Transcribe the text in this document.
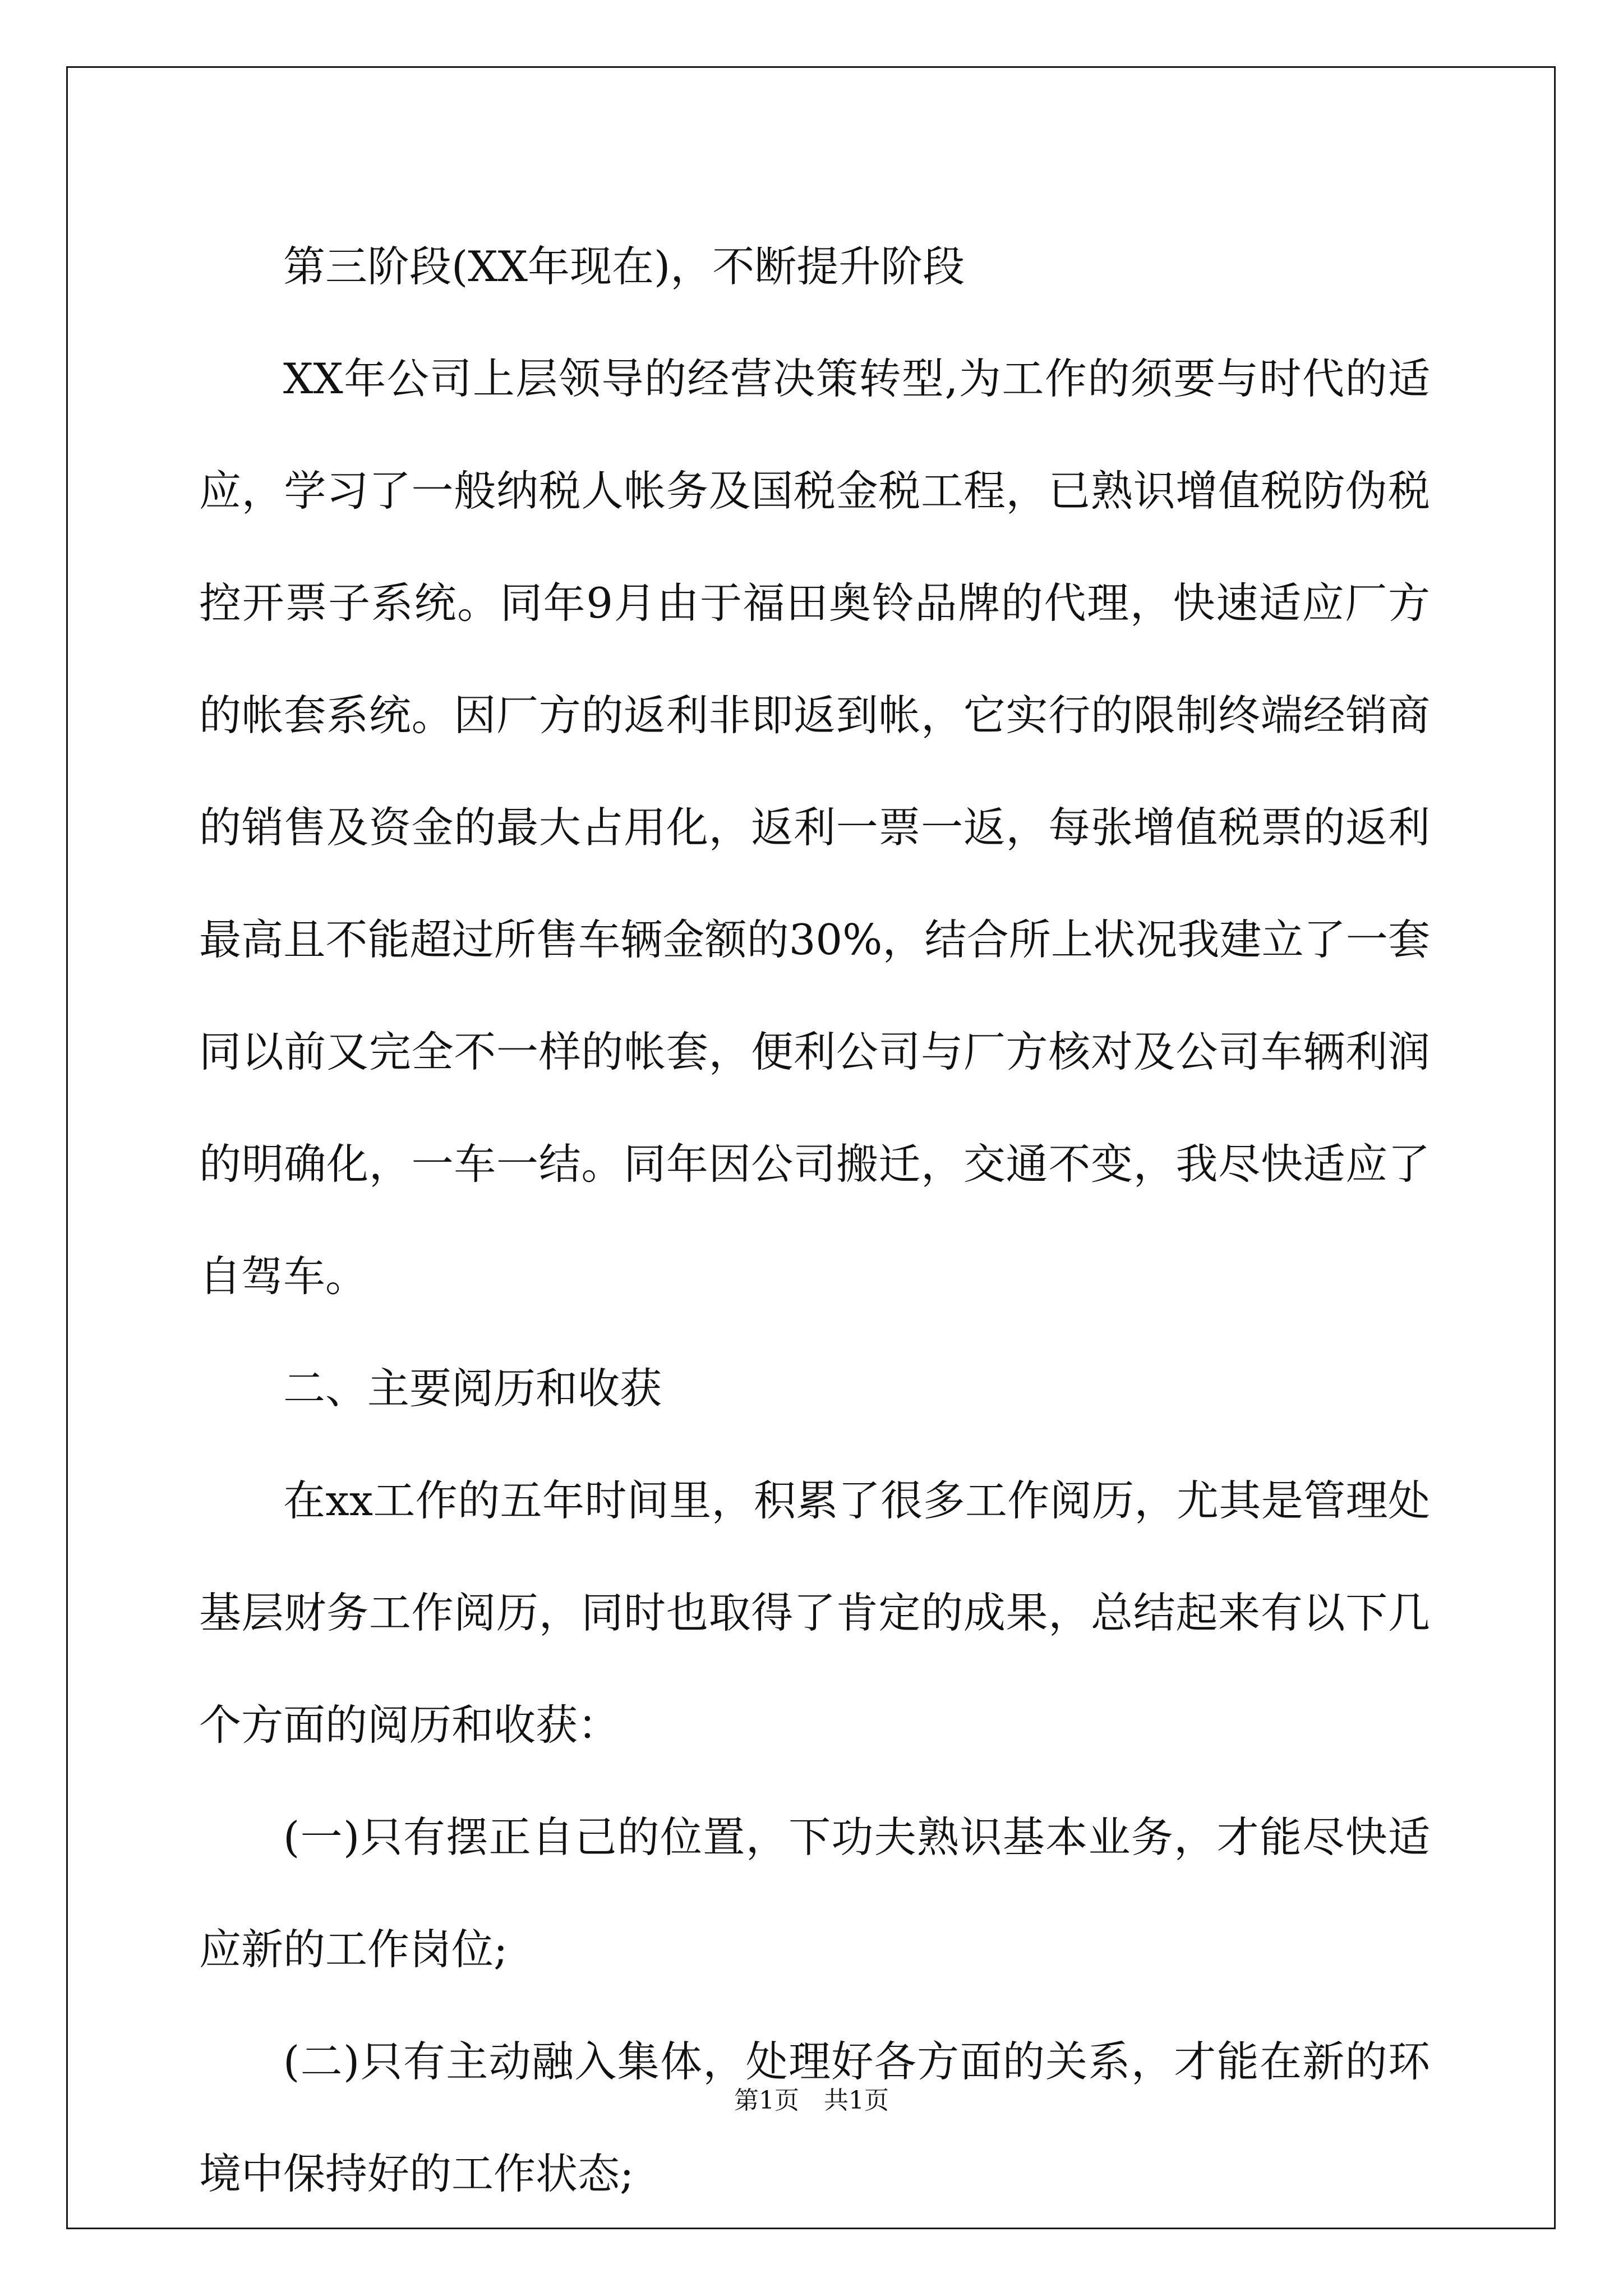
第三阶段(XX年现在)，不断提升阶段

XX年公司上层领导的经营决策转型,为工作的须要与时代的适应，学习了一般纳税人帐务及国税金税工程，已熟识增值税防伪税控开票子系统。同年9月由于福田奥铃品牌的代理，快速适应厂方的帐套系统。因厂方的返利非即返到帐，它实行的限制终端经销商的销售及资金的最大占用化，返利一票一返，每张增值税票的返利最高且不能超过所售车辆金额的30%，结合所上状况我建立了一套同以前又完全不一样的帐套，便利公司与厂方核对及公司车辆利润的明确化，一车一结。同年因公司搬迁，交通不变，我尽快适应了自驾车。

二、主要阅历和收获

在xx工作的五年时间里，积累了很多工作阅历，尤其是管理处基层财务工作阅历，同时也取得了肯定的成果，总结起来有以下几个方面的阅历和收获：

(一)只有摆正自己的位置，下功夫熟识基本业务，才能尽快适应新的工作岗位;

(二)只有主动融入集体，处理好各方面的关系，才能在新的环境中保持好的工作状态;

第1页　共1页
